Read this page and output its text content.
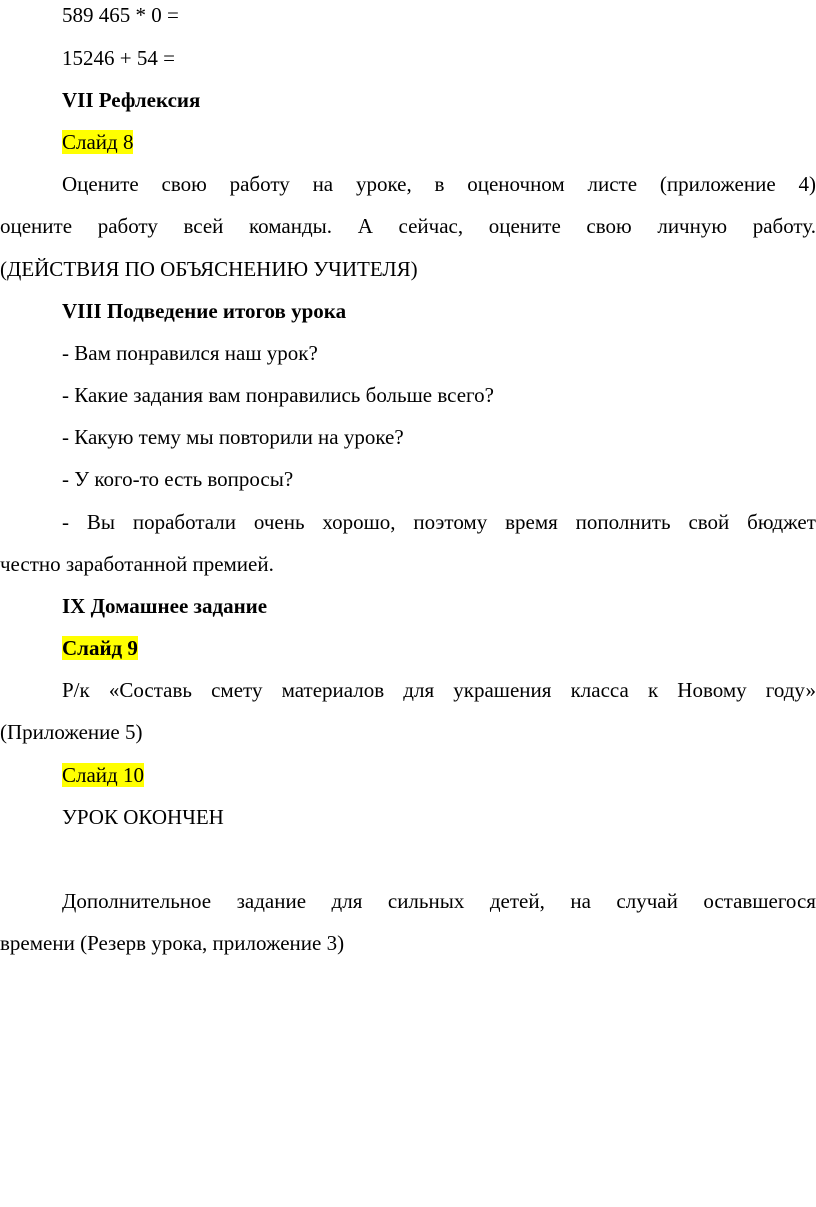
589 465 * 0 =
15246 + 54 =
VII Рефлексия
Слайд 8
Оцените свою работу на уроке, в оценочном листе (приложение 4)
оцените работу всей команды. А сейчас, оцените свою личную работу.
(ДЕЙСТВИЯ ПО ОБЪЯСНЕНИЮ УЧИТЕЛЯ)
VIII Подведение итогов урока
- Вам понравился наш урок?
- Какие задания вам понравились больше всего?
- Какую тему мы повторили на уроке?
- У кого-то есть вопросы?
- Вы поработали очень хорошо, поэтому время пополнить свой бюджет
честно заработанной премией.
IX Домашнее задание
Слайд 9
Р/к «Составь смету материалов для украшения класса к Новому году»
(Приложение 5)
Слайд 10
УРОК ОКОНЧЕН
Дополнительное задание для сильных детей, на случай оставшегося
времени (Резерв урока, приложение 3)
